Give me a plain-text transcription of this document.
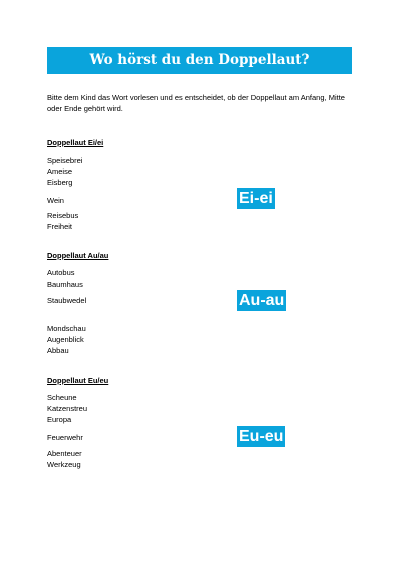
Wo hörst du den Doppellaut?
Bitte dem Kind das Wort vorlesen und es entscheidet, ob der Doppellaut am Anfang, Mitte oder Ende gehört wird.
Doppellaut Ei/ei
Speisebrei
Ameise
Eisberg
Wein
Reisebus
Freiheit
Ei-ei
Doppellaut Au/au
Autobus
Baumhaus
Staubwedel
Mondschau
Augenblick
Abbau
Au-au
Doppellaut Eu/eu
Scheune
Katzenstreu
Europa
Feuerwehr
Abenteuer
Werkzeug
Eu-eu
